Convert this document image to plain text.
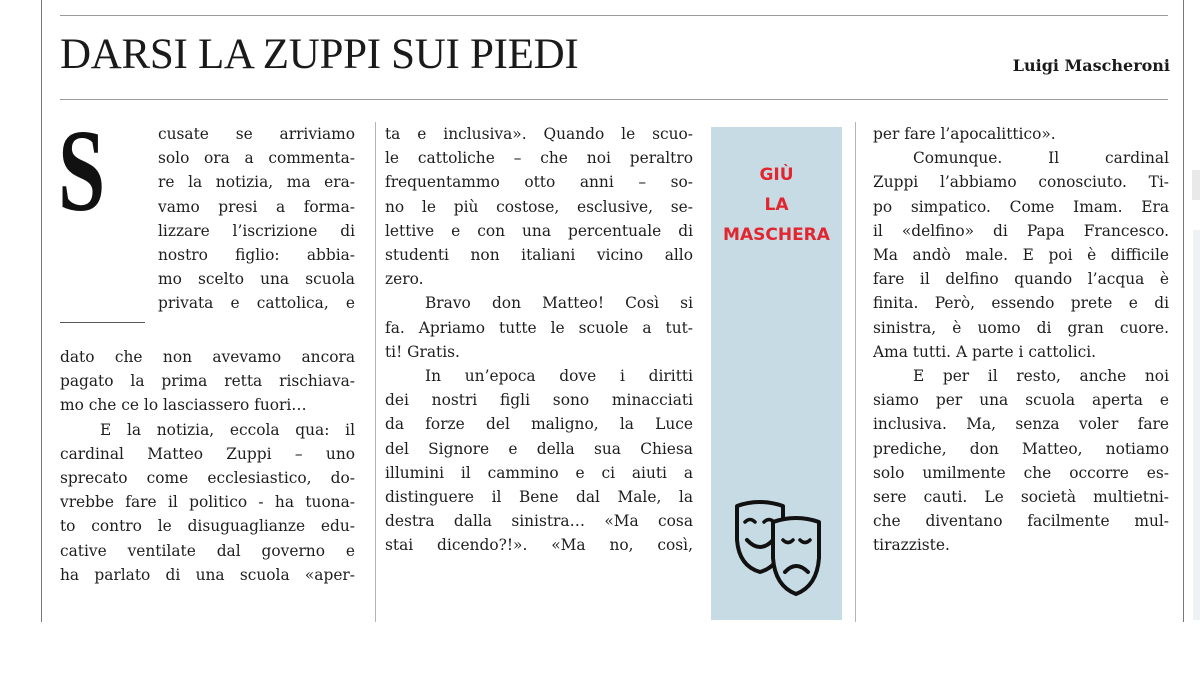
DARSI LA ZUPPI SUI PIEDI	Luigi Mascheroni
S	cusate se arriviamo
solo ora a commenta-
re la notizia, ma era-
vamo presi a forma-
lizzare l’iscrizione di
nostro figlio: abbia-
mo scelto una scuola
privata e cattolica, e
dato che non avevamo ancora
pagato la prima retta rischiava-
mo che ce lo lasciassero fuori…
E la notizia, eccola qua: il
cardinal Matteo Zuppi – uno
sprecato come ecclesiastico, do-
vrebbe fare il politico - ha tuona-
to contro le disuguaglianze edu-
cative ventilate dal governo e
ha parlato di una scuola «aper-
ta e inclusiva». Quando le scuo-
le cattoliche – che noi peraltro
frequentammo otto anni – so-
no le più costose, esclusive, se-
lettive e con una percentuale di
studenti non italiani vicino allo
zero.
Bravo don Matteo! Così si
fa. Apriamo tutte le scuole a tut-
ti! Gratis.
In un’epoca dove i diritti
dei nostri figli sono minacciati
da forze del maligno, la Luce
del Signore e della sua Chiesa
illumini il cammino e ci aiuti a
distinguere il Bene dal Male, la
destra dalla sinistra… «Ma cosa
stai dicendo?!». «Ma no, così,
GIÙ
LA
MASCHERA
per fare l’apocalittico».
Comunque. Il cardinal
Zuppi l’abbiamo conosciuto. Ti-
po simpatico. Come Imam. Era
il «delfino» di Papa Francesco.
Ma andò male. E poi è difficile
fare il delfino quando l’acqua è
finita. Però, essendo prete e di
sinistra, è uomo di gran cuore.
Ama tutti. A parte i cattolici.
E per il resto, anche noi
siamo per una scuola aperta e
inclusiva. Ma, senza voler fare
prediche, don Matteo, notiamo
solo umilmente che occorre es-
sere cauti. Le società multietni-
che diventano facilmente mul-
tirazziste.
